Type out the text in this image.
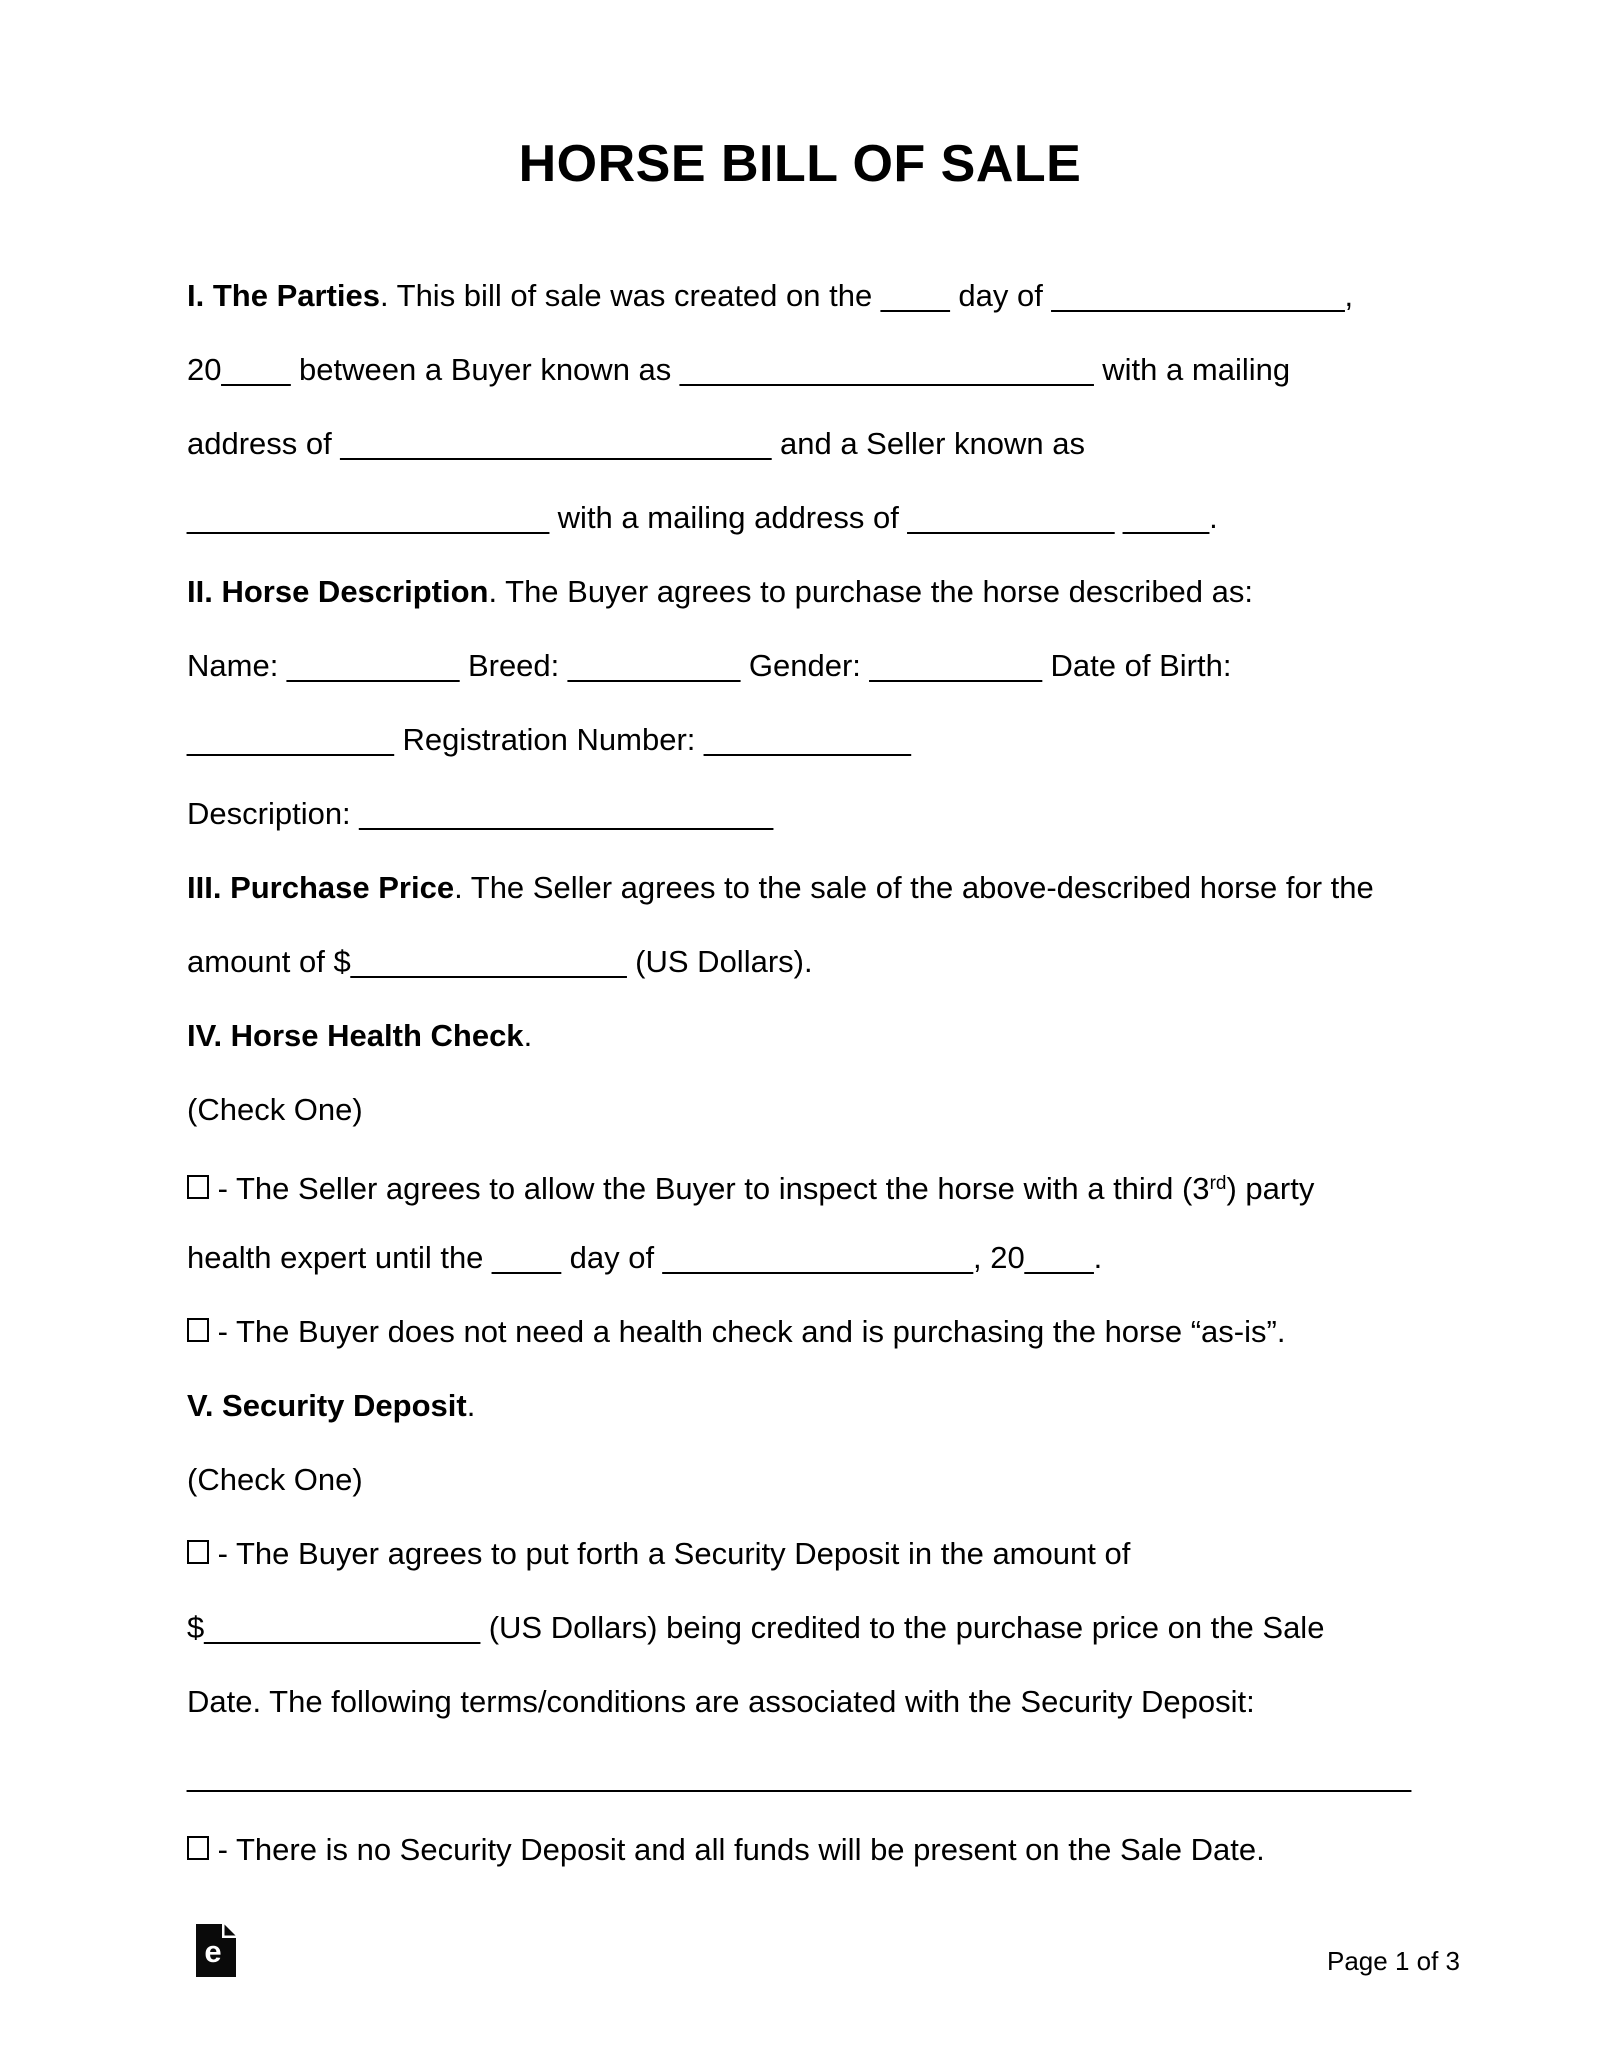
HORSE BILL OF SALE
I. The Parties. This bill of sale was created on the ____ day of _________________,
20____ between a Buyer known as ________________________ with a mailing
address of _________________________ and a Seller known as
_____________________ with a mailing address of ____________ _____.
II. Horse Description. The Buyer agrees to purchase the horse described as:
Name: __________ Breed: __________ Gender: __________ Date of Birth:
____________ Registration Number: ____________
Description: ________________________
III. Purchase Price. The Seller agrees to the sale of the above-described horse for the
amount of $________________ (US Dollars).
IV. Horse Health Check.
(Check One)
- The Seller agrees to allow the Buyer to inspect the horse with a third (3rd) party
health expert until the ____ day of __________________, 20____.
- The Buyer does not need a health check and is purchasing the horse “as-is”.
V. Security Deposit.
(Check One)
- The Buyer agrees to put forth a Security Deposit in the amount of
$________________ (US Dollars) being credited to the purchase price on the Sale
Date. The following terms/conditions are associated with the Security Deposit:
_______________________________________________________________________
- There is no Security Deposit and all funds will be present on the Sale Date.
e	Page 1 of 3
